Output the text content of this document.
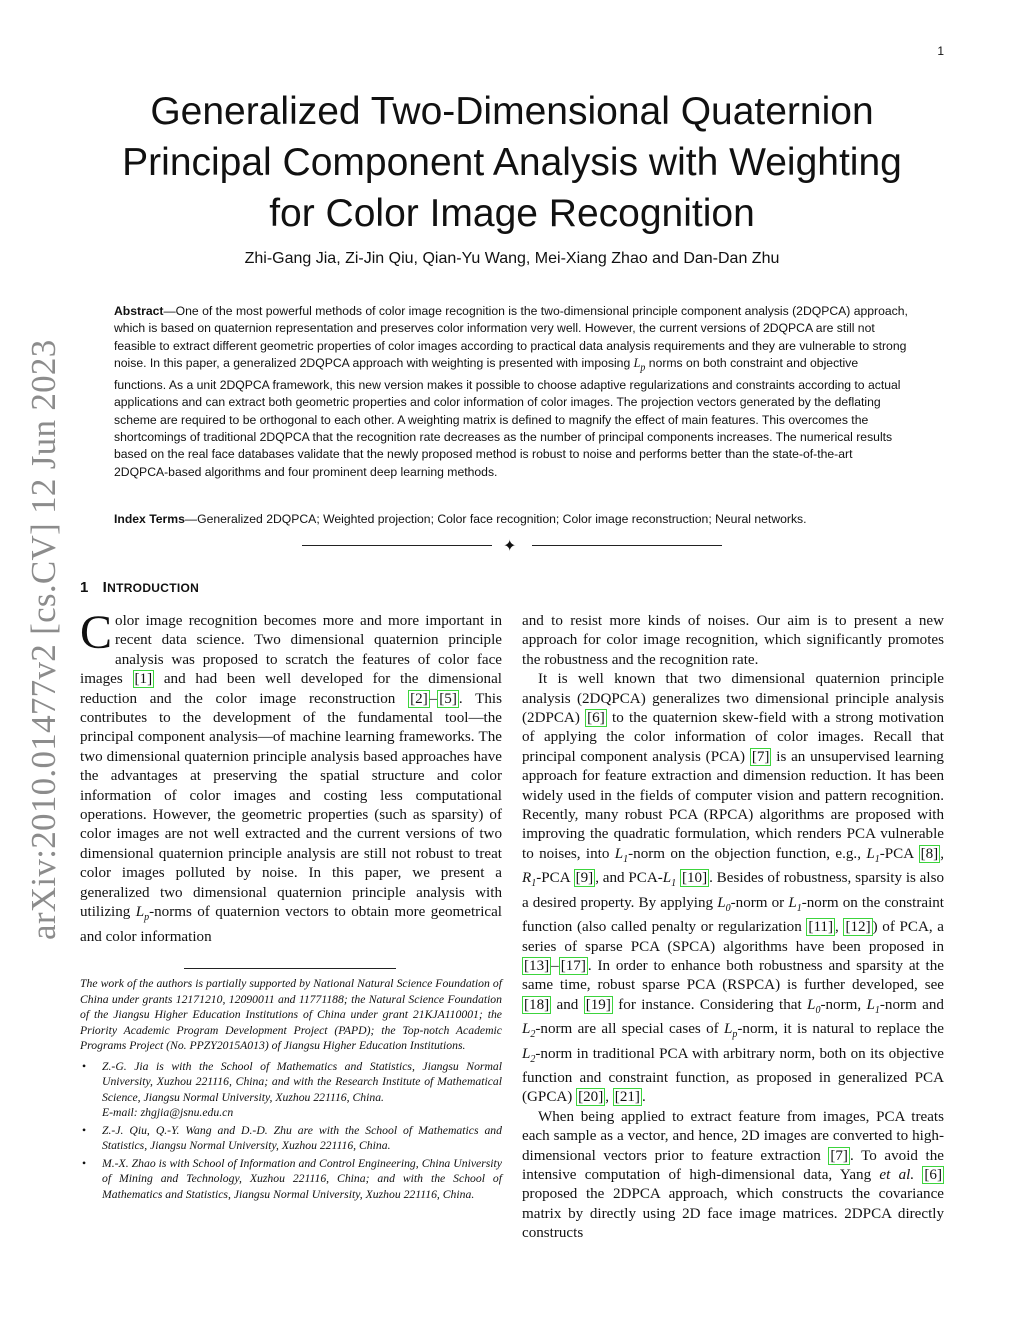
1
arXiv:2010.01477v2 [cs.CV] 12 Jun 2023
Generalized Two-Dimensional Quaternion Principal Component Analysis with Weighting for Color Image Recognition
Zhi-Gang Jia, Zi-Jin Qiu, Qian-Yu Wang, Mei-Xiang Zhao and Dan-Dan Zhu

Abstract—One of the most powerful methods of color image recognition is the two-dimensional principle component analysis (2DQPCA) approach, which is based on quaternion representation and preserves color information very well. However, the current versions of 2DQPCA are still not feasible to extract different geometric properties of color images according to practical data analysis requirements and they are vulnerable to strong noise. In this paper, a generalized 2DQPCA approach with weighting is presented with imposing $L_p$ norms on both constraint and objective functions. As a unit 2DQPCA framework, this new version makes it possible to choose adaptive regularizations and constraints according to actual applications and can extract both geometric properties and color information of color images. The projection vectors generated by the deflating scheme are required to be orthogonal to each other. A weighting matrix is defined to magnify the effect of main features. This overcomes the shortcomings of traditional 2DQPCA that the recognition rate decreases as the number of principal components increases. The numerical results based on the real face databases validate that the newly proposed method is robust to noise and performs better than the state-of-the-art 2DQPCA-based algorithms and four prominent deep learning methods.

Index Terms—Generalized 2DQPCA; Weighted projection; Color face recognition; Color image reconstruction; Neural networks.

✦
1 INTRODUCTION

Color image recognition becomes more and more important in recent data science. Two dimensional quaternion principle analysis was proposed to scratch the features of color face images [1] and had been well developed for the dimensional reduction and the color image reconstruction [2] – [5] . This contributes to the development of the fundamental tool—the principal component analysis—of machine learning frameworks. The two dimensional quaternion principle analysis based approaches have the advantages at preserving the spatial structure and color information of color images and costing less computational operations. However, the geometric properties (such as sparsity) of color images are not well extracted and the current versions of two dimensional quaternion principle analysis are still not robust to treat color images polluted by noise. In this paper, we present a generalized two dimensional quaternion principle analysis with utilizing $L_p$-norms of quaternion vectors to obtain more geometrical and color information

The work of the authors is partially supported by National Natural Science Foundation of China under grants 12171210, 12090011 and 11771188; the Natural Science Foundation of the Jiangsu Higher Education Institutions of China under grant 21KJA110001; the Priority Academic Program Development Project (PAPD); the Top-notch Academic Programs Project (No. PPZY2015A013) of Jiangsu Higher Education Institutions.

• Z.-G. Jia is with the School of Mathematics and Statistics, Jiangsu Normal University, Xuzhou 221116, China; and with the Research Institute of Mathematical Science, Jiangsu Normal University, Xuzhou 221116, China.
E-mail: zhgjia@jsnu.edu.cn
• Z.-J. Qiu, Q.-Y. Wang and D.-D. Zhu are with the School of Mathematics and Statistics, Jiangsu Normal University, Xuzhou 221116, China.
• M.-X. Zhao is with School of Information and Control Engineering, China University of Mining and Technology, Xuzhou 221116, China; and with the School of Mathematics and Statistics, Jiangsu Normal University, Xuzhou 221116, China.

and to resist more kinds of noises. Our aim is to present a new approach for color image recognition, which significantly promotes the robustness and the recognition rate.

It is well known that two dimensional quaternion principle analysis (2DQPCA) generalizes two dimensional principle analysis (2DPCA) [6] to the quaternion skew-field with a strong motivation of applying the color information of color images. Recall that principal component analysis (PCA) [7] is an unsupervised learning approach for feature extraction and dimension reduction. It has been widely used in the fields of computer vision and pattern recognition. Recently, many robust PCA (RPCA) algorithms are proposed with improving the quadratic formulation, which renders PCA vulnerable to noises, into $L_1$-norm on the objection function, e.g., $L_1$-PCA [8] , $R_1$-PCA [9] , and PCA-$L_1$ [10] . Besides of robustness, sparsity is also a desired property. By applying $L_0$-norm or $L_1$-norm on the constraint function (also called penalty or regularization [11] , [12] ) of PCA, a series of sparse PCA (SPCA) algorithms have been proposed in [13] – [17] . In order to enhance both robustness and sparsity at the same time, robust sparse PCA (RSPCA) is further developed, see [18] and [19] for instance. Considering that $L_0$-norm, $L_1$-norm and $L_2$-norm are all special cases of $L_p$-norm, it is natural to replace the $L_2$-norm in traditional PCA with arbitrary norm, both on its objective function and constraint function, as proposed in generalized PCA (GPCA) [20] , [21] .

When being applied to extract feature from images, PCA treats each sample as a vector, and hence, 2D images are converted to high-dimensional vectors prior to feature extraction [7] . To avoid the intensive computation of high-dimensional data, Yang et al. [6] proposed the 2DPCA approach, which constructs the covariance matrix by directly using 2D face image matrices. 2DPCA directly constructs
